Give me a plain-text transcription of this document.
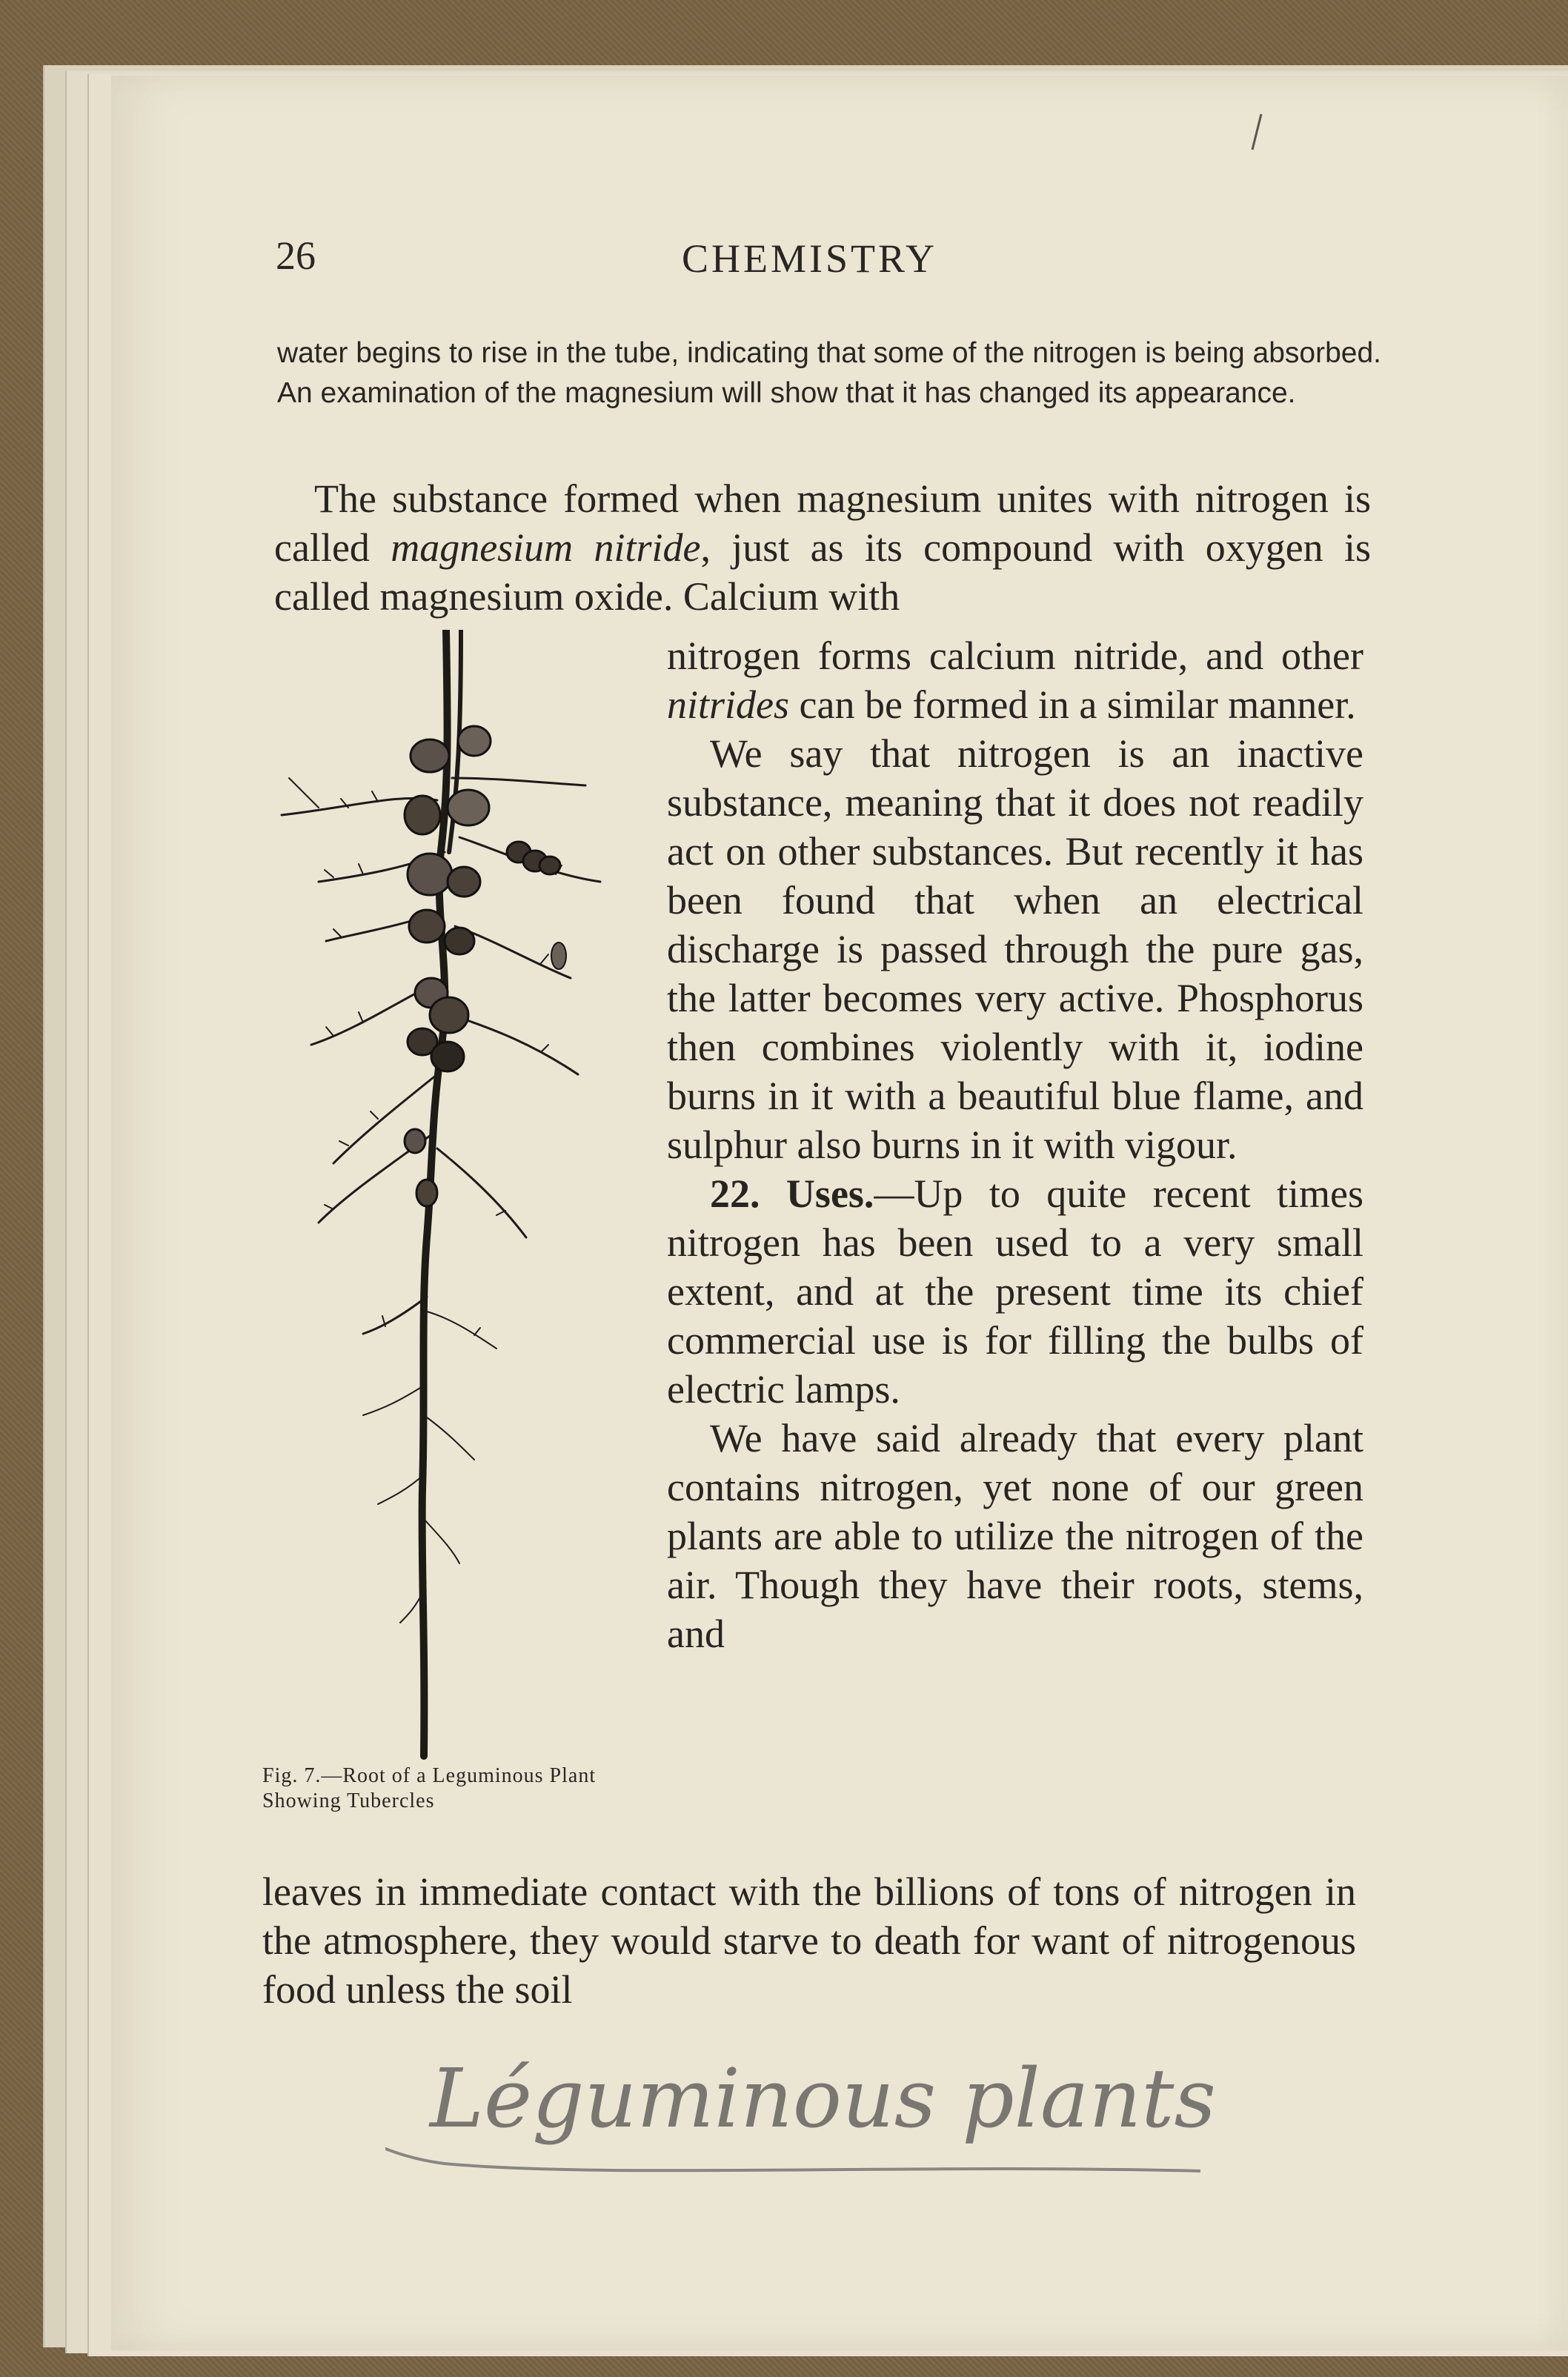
26	CHEMISTRY
water begins to rise in the tube, indicating that some of the nitrogen is being absorbed. An examination of the magnesium will show that it has changed its appearance.
The substance formed when magnesium unites with nitrogen is called magnesium nitride, just as its compound with oxygen is called magnesium oxide. Calcium with

nitrogen forms calcium nitride, and other nitrides can be formed in a similar manner.

We say that nitrogen is an inactive substance, meaning that it does not readily act on other substances. But recently it has been found that when an electrical discharge is passed through the pure gas, the latter becomes very active. Phosphorus then combines violently with it, iodine burns in it with a beautiful blue flame, and sulphur also burns in it with vigour.

22. Uses.—Up to quite recent times nitrogen has been used to a very small extent, and at the present time its chief commercial use is for filling the bulbs of electric lamps.

We have said already that every plant contains nitrogen, yet none of our green plants are able to utilize the nitrogen of the air. Though they have their roots, stems, and

leaves in immediate contact with the billions of tons of nitrogen in the atmosphere, they would starve to death for want of nitrogenous food unless the soil
Fig. 7.—Root of a Leguminous Plant Showing Tubercles
Léguminous plants
